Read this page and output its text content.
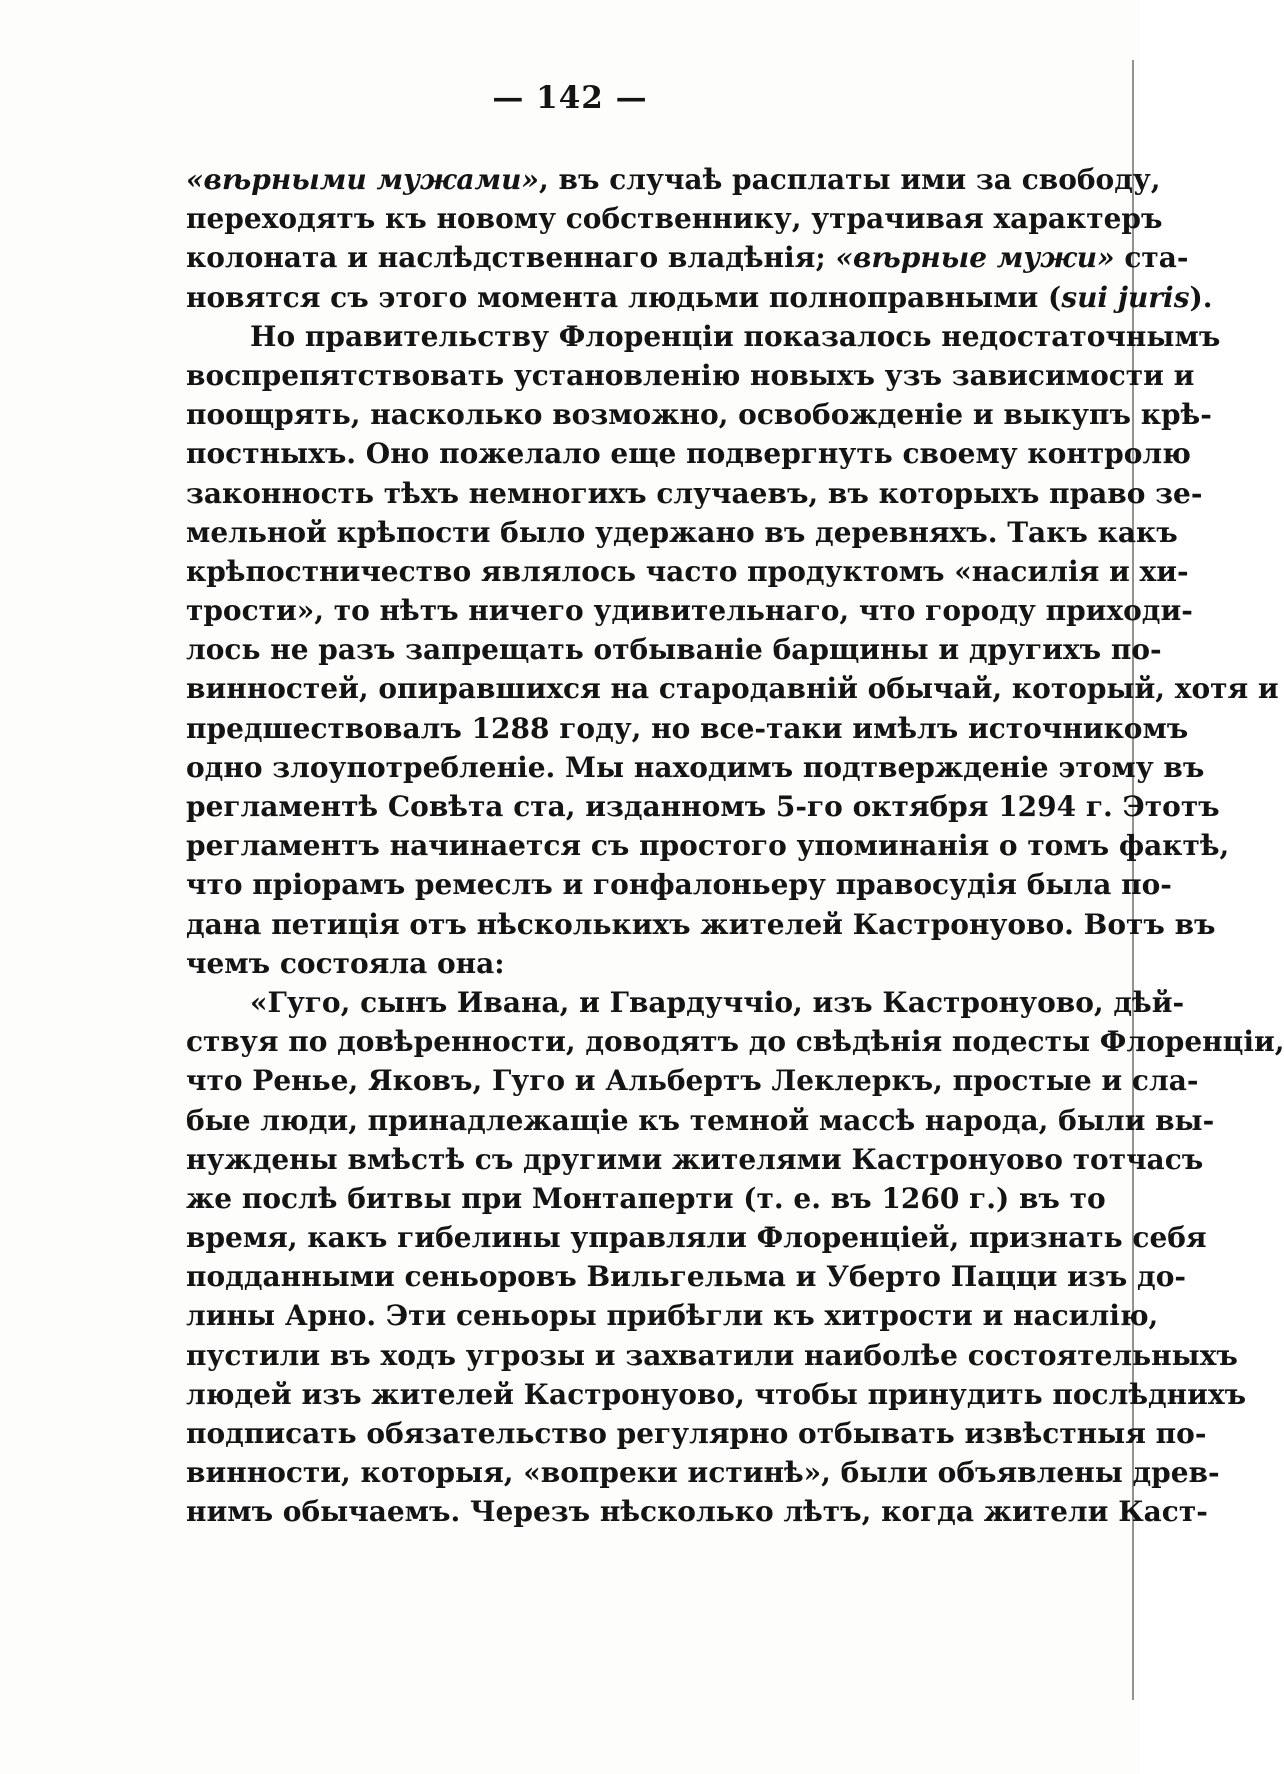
— 142 —
«вѣрными мужами», въ случаѣ расплаты ими за свободу,
переходятъ къ новому собственнику, утрачивая характеръ
колоната и наслѣдственнаго владѣнія; «вѣрные мужи» ста-
новятся съ этого момента людьми полноправными (sui juris).
Но правительству Флоренціи показалось недостаточнымъ
воспрепятствовать установленію новыхъ узъ зависимости и
поощрять, насколько возможно, освобожденіе и выкупъ крѣ-
постныхъ. Оно пожелало еще подвергнуть своему контролю
законность тѣхъ немногихъ случаевъ, въ которыхъ право зе-
мельной крѣпости было удержано въ деревняхъ. Такъ какъ
крѣпостничество являлось часто продуктомъ «насилія и хи-
трости», то нѣтъ ничего удивительнаго, что городу приходи-
лось не разъ запрещать отбываніе барщины и другихъ по-
винностей, опиравшихся на стародавній обычай, который, хотя и
предшествовалъ 1288 году, но все-таки имѣлъ источникомъ
одно злоупотребленіе. Мы находимъ подтвержденіе этому въ
регламентѣ Совѣта ста, изданномъ 5-го октября 1294 г. Этотъ
регламентъ начинается съ простого упоминанія о томъ фактѣ,
что пріорамъ ремеслъ и гонфалоньеру правосудія была по-
дана петиція отъ нѣсколькихъ жителей Кастронуово. Вотъ въ
чемъ состояла она:
«Гуго, сынъ Ивана, и Гвардуччіо, изъ Кастронуово, дѣй-
ствуя по довѣренности, доводятъ до свѣдѣнія подесты Флоренціи,
что Ренье, Яковъ, Гуго и Альбертъ Леклеркъ, простые и сла-
бые люди, принадлежащіе къ темной массѣ народа, были вы-
нуждены вмѣстѣ съ другими жителями Кастронуово тотчасъ
же послѣ битвы при Монтаперти (т. е. въ 1260 г.) въ то
время, какъ гибелины управляли Флоренціей, признать себя
подданными сеньоровъ Вильгельма и Уберто Пацци изъ до-
лины Арно. Эти сеньоры прибѣгли къ хитрости и насилію,
пустили въ ходъ угрозы и захватили наиболѣе состоятельныхъ
людей изъ жителей Кастронуово, чтобы принудить послѣднихъ
подписать обязательство регулярно отбывать извѣстныя по-
винности, которыя, «вопреки истинѣ», были объявлены древ-
нимъ обычаемъ. Черезъ нѣсколько лѣтъ, когда жители Каст-
